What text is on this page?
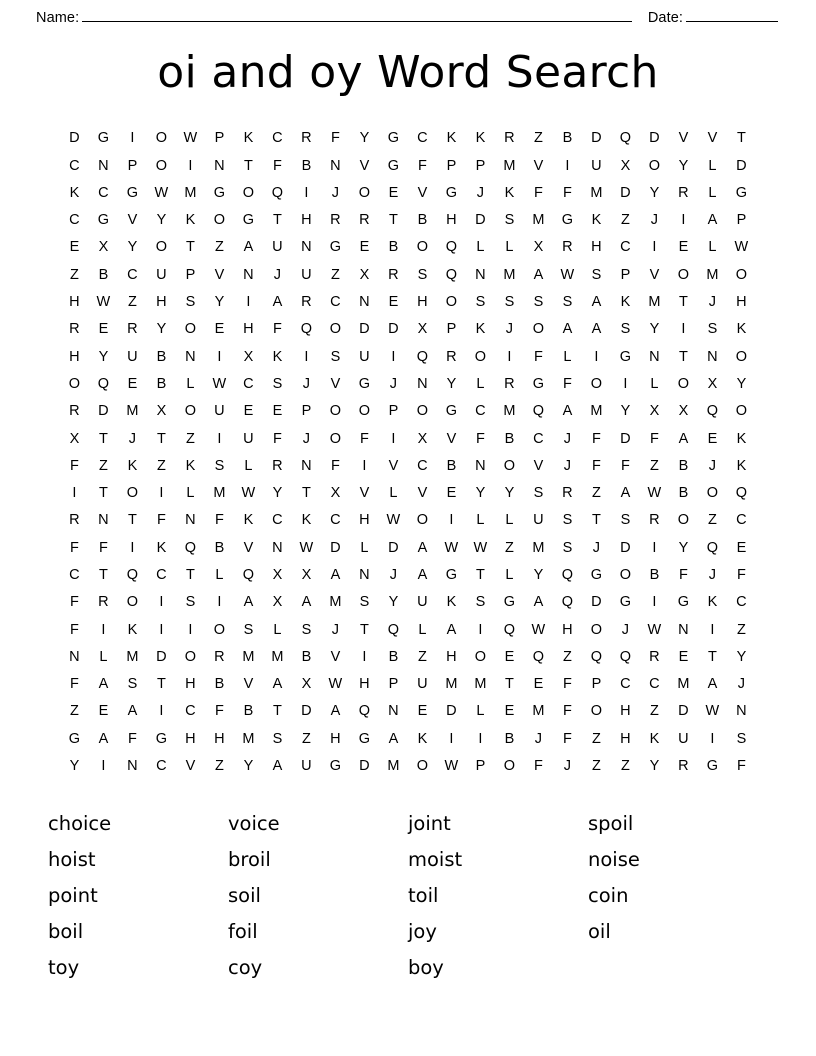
Name:	Date:
oi and oy Word Search
D	G	I	O	W	P	K	C	R	F	Y	G	C	K	K	R	Z	B	D	Q	D	V	V	T
C	N	P	O	I	N	T	F	B	N	V	G	F	P	P	M	V	I	U	X	O	Y	L	D
K	C	G	W	M	G	O	Q	I	J	O	E	V	G	J	K	F	F	M	D	Y	R	L	G
C	G	V	Y	K	O	G	T	H	R	R	T	B	H	D	S	M	G	K	Z	J	I	A	P
E	X	Y	O	T	Z	A	U	N	G	E	B	O	Q	L	L	X	R	H	C	I	E	L	W
Z	B	C	U	P	V	N	J	U	Z	X	R	S	Q	N	M	A	W	S	P	V	O	M	O
H	W	Z	H	S	Y	I	A	R	C	N	E	H	O	S	S	S	S	A	K	M	T	J	H
R	E	R	Y	O	E	H	F	Q	O	D	D	X	P	K	J	O	A	A	S	Y	I	S	K
H	Y	U	B	N	I	X	K	I	S	U	I	Q	R	O	I	F	L	I	G	N	T	N	O
O	Q	E	B	L	W	C	S	J	V	G	J	N	Y	L	R	G	F	O	I	L	O	X	Y
R	D	M	X	O	U	E	E	P	O	O	P	O	G	C	M	Q	A	M	Y	X	X	Q	O
X	T	J	T	Z	I	U	F	J	O	F	I	X	V	F	B	C	J	F	D	F	A	E	K
F	Z	K	Z	K	S	L	R	N	F	I	V	C	B	N	O	V	J	F	F	Z	B	J	K
I	T	O	I	L	M	W	Y	T	X	V	L	V	E	Y	Y	S	R	Z	A	W	B	O	Q
R	N	T	F	N	F	K	C	K	C	H	W	O	I	L	L	U	S	T	S	R	O	Z	C
F	F	I	K	Q	B	V	N	W	D	L	D	A	W	W	Z	M	S	J	D	I	Y	Q	E
C	T	Q	C	T	L	Q	X	X	A	N	J	A	G	T	L	Y	Q	G	O	B	F	J	F
F	R	O	I	S	I	A	X	A	M	S	Y	U	K	S	G	A	Q	D	G	I	G	K	C
F	I	K	I	I	O	S	L	S	J	T	Q	L	A	I	Q	W	H	O	J	W	N	I	Z
N	L	M	D	O	R	M	M	B	V	I	B	Z	H	O	E	Q	Z	Q	Q	R	E	T	Y
F	A	S	T	H	B	V	A	X	W	H	P	U	M	M	T	E	F	P	C	C	M	A	J
Z	E	A	I	C	F	B	T	D	A	Q	N	E	D	L	E	M	F	O	H	Z	D	W	N
G	A	F	G	H	H	M	S	Z	H	G	A	K	I	I	B	J	F	Z	H	K	U	I	S
Y	I	N	C	V	Z	Y	A	U	G	D	M	O	W	P	O	F	J	Z	Z	Y	R	G	F
choice	voice	joint	spoil
hoist	broil	moist	noise
point	soil	toil	coin
boil	foil	joy	oil
toy	coy	boy
